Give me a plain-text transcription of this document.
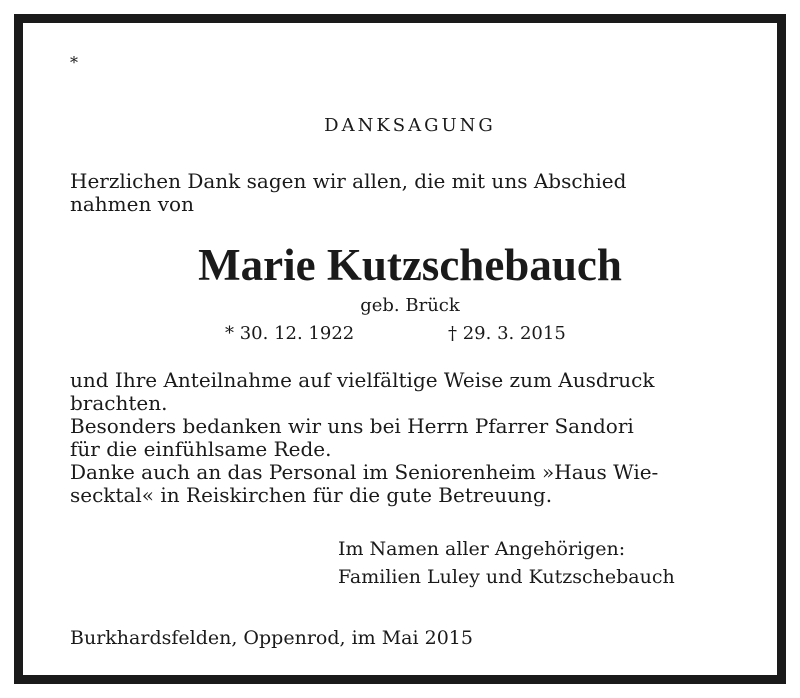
*
DANKSAGUNG
Herzlichen Dank sagen wir allen, die mit uns Abschied
nahmen von
Marie Kutzschebauch
geb. Brück
* 30. 12. 1922	† 29. 3. 2015
und Ihre Anteilnahme auf vielfältige Weise zum Ausdruck
brachten.
Besonders bedanken wir uns bei Herrn Pfarrer Sandori
für die einfühlsame Rede.
Danke auch an das Personal im Seniorenheim »Haus Wie-
secktal« in Reiskirchen für die gute Betreuung.
Im Namen aller Angehörigen:
Familien Luley und Kutzschebauch
Burkhardsfelden, Oppenrod, im Mai 2015
